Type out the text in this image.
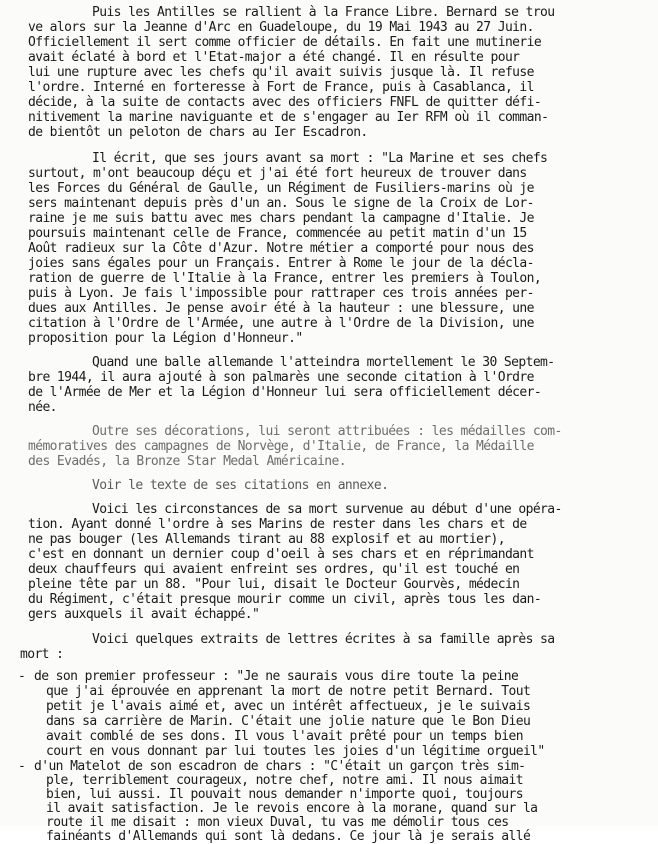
Puis les Antilles se rallient à la France Libre. Bernard se trou
ve alors sur la Jeanne d'Arc en Guadeloupe, du 19 Mai 1943 au 27 Juin.
Officiellement il sert comme officier de détails. En fait une mutinerie
avait éclaté à bord et l'Etat-major a été changé. Il en résulte pour
lui une rupture avec les chefs qu'il avait suivis jusque là. Il refuse
l'ordre. Interné en forteresse à Fort de France, puis à Casablanca, il
décide, à la suite de contacts avec des officiers FNFL de quitter défi-
nitivement la marine naviguante et de s'engager au Ier RFM où il comman-
de bientôt un peloton de chars au Ier Escadron.
Il écrit, que ses jours avant sa mort : "La Marine et ses chefs
surtout, m'ont beaucoup déçu et j'ai été fort heureux de trouver dans
les Forces du Général de Gaulle, un Régiment de Fusiliers-marins où je
sers maintenant depuis près d'un an. Sous le signe de la Croix de Lor-
raine je me suis battu avec mes chars pendant la campagne d'Italie. Je
poursuis maintenant celle de France, commencée au petit matin d'un 15
Août radieux sur la Côte d'Azur. Notre métier a comporté pour nous des
joies sans égales pour un Français. Entrer à Rome le jour de la décla-
ration de guerre de l'Italie à la France, entrer les premiers à Toulon,
puis à Lyon. Je fais l'impossible pour rattraper ces trois années per-
dues aux Antilles. Je pense avoir été à la hauteur : une blessure, une
citation à l'Ordre de l'Armée, une autre à l'Ordre de la Division, une
proposition pour la Légion d'Honneur."
Quand une balle allemande l'atteindra mortellement le 30 Septem-
bre 1944, il aura ajouté à son palmarès une seconde citation à l'Ordre
de l'Armée de Mer et la Légion d'Honneur lui sera officiellement décer-
née.
Outre ses décorations, lui seront attribuées : les médailles com-
mémoratives des campagnes de Norvège, d'Italie, de France, la Médaille
des Evadés, la Bronze Star Medal Américaine.
Voir le texte de ses citations en annexe.
Voici les circonstances de sa mort survenue au début d'une opéra-
tion. Ayant donné l'ordre à ses Marins de rester dans les chars et de
ne pas bouger (les Allemands tirant au 88 explosif et au mortier),
c'est en donnant un dernier coup d'oeil à ses chars et en réprimandant
deux chauffeurs qui avaient enfreint ses ordres, qu'il est touché en
pleine tête par un 88. "Pour lui, disait le Docteur Gourvès, médecin
du Régiment, c'était presque mourir comme un civil, après tous les dan-
gers auxquels il avait échappé."
Voici quelques extraits de lettres écrites à sa famille après sa
mort :
- de son premier professeur : "Je ne saurais vous dire toute la peine
que j'ai éprouvée en apprenant la mort de notre petit Bernard. Tout
petit je l'avais aimé et, avec un intérêt affectueux, je le suivais
dans sa carrière de Marin. C'était une jolie nature que le Bon Dieu
avait comblé de ses dons. Il vous l'avait prêté pour un temps bien
court en vous donnant par lui toutes les joies d'un légitime orgueil"
- d'un Matelot de son escadron de chars : "C'était un garçon très sim-
ple, terriblement courageux, notre chef, notre ami. Il nous aimait
bien, lui aussi. Il pouvait nous demander n'importe quoi, toujours
il avait satisfaction. Je le revois encore à la morane, quand sur la
route il me disait : mon vieux Duval, tu vas me démolir tous ces
fainéants d'Allemands qui sont là dedans. Ce jour là je serais allé
